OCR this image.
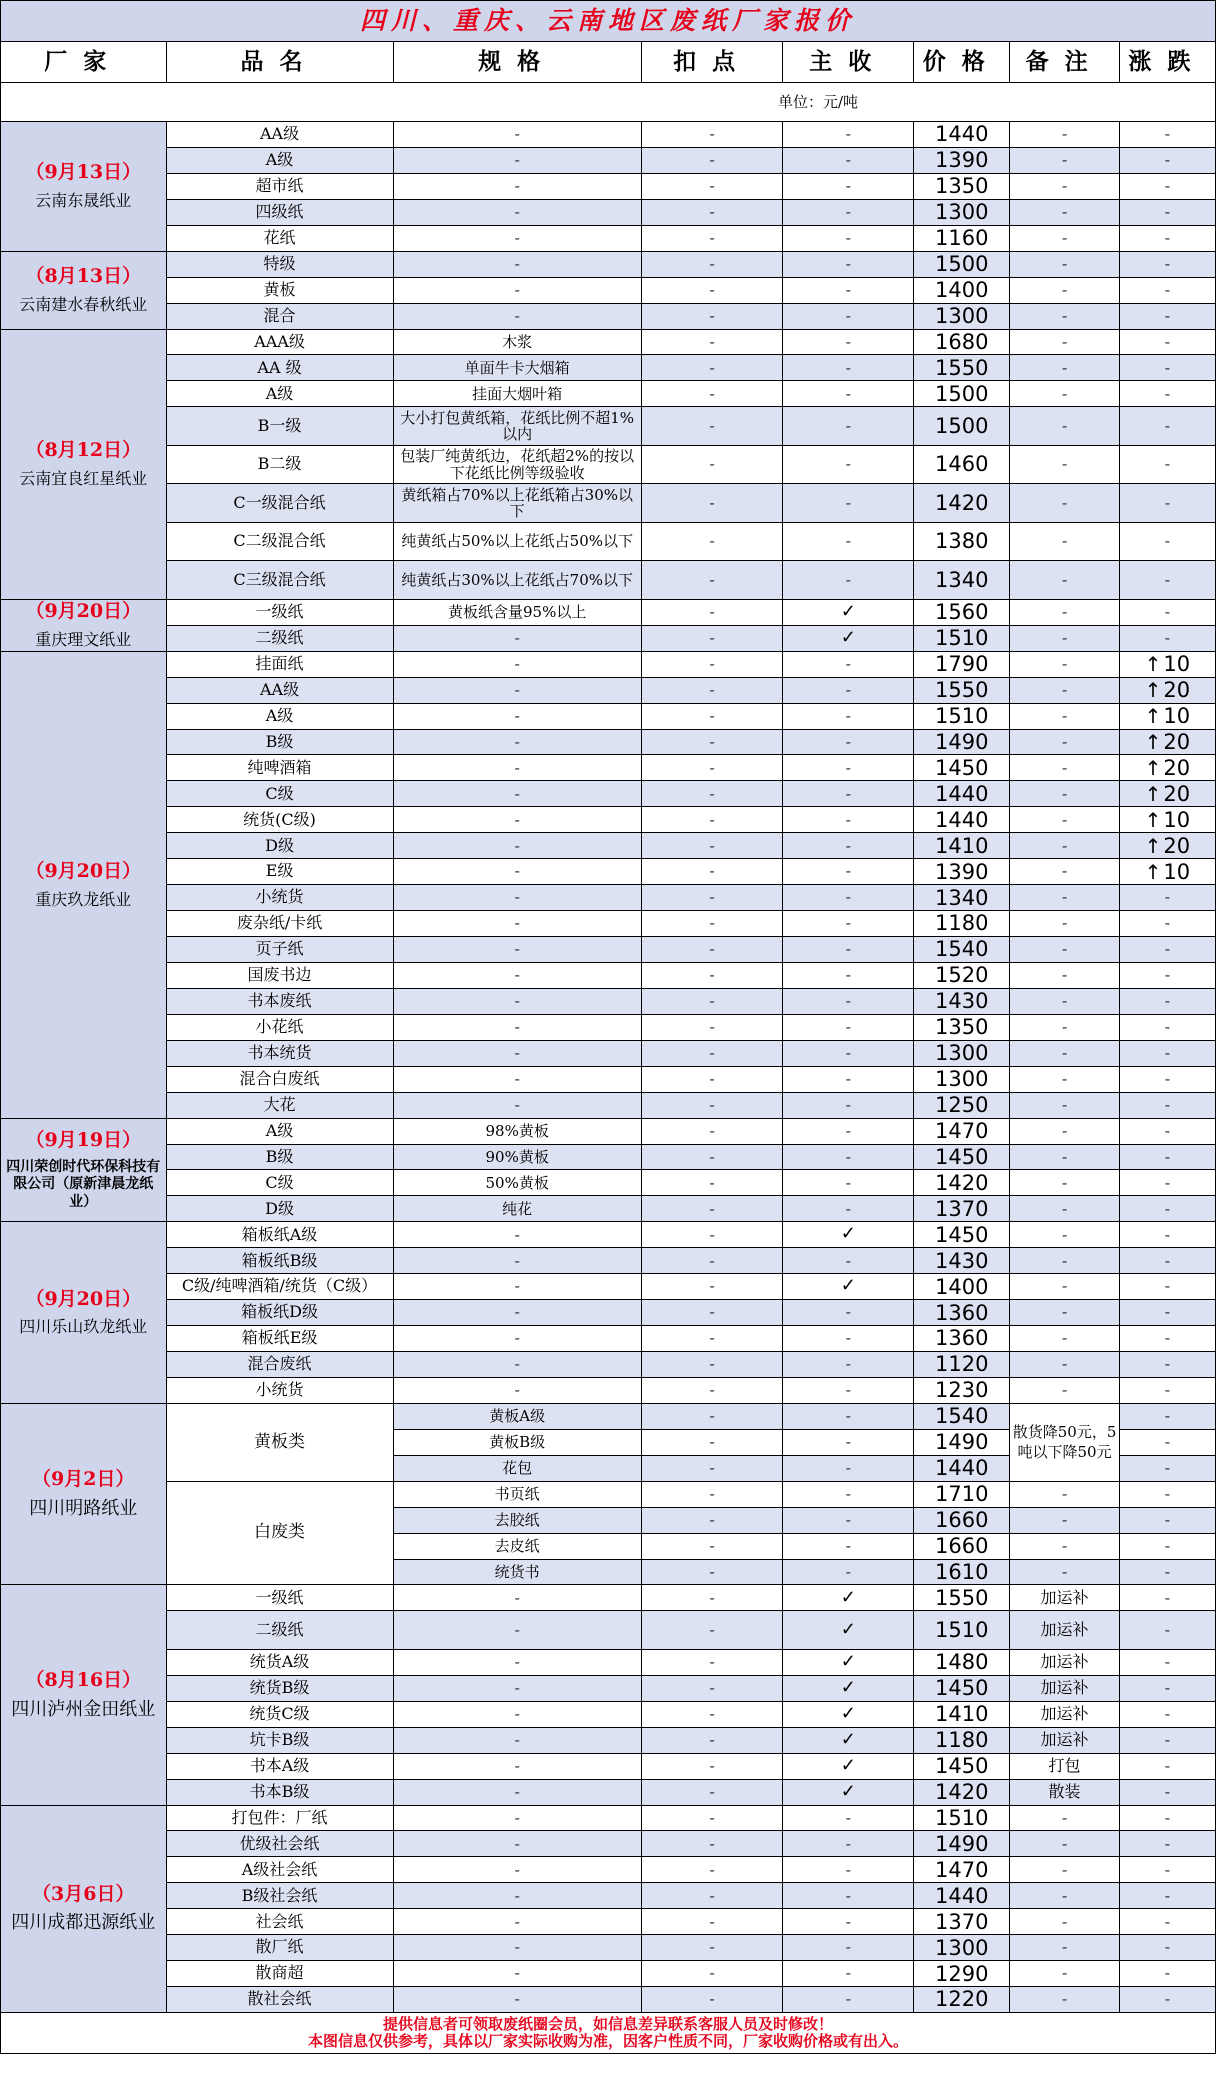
四川、重庆、云南地区废纸厂家报价							
厂家	品名	规格	扣点	主收	价格	备注	涨跌
单位：元/吨							

（9月13日）
云南东晟纸业	AA级	-	-	-	1440	-	-
	A级	-	-	-	1390	-	-
	超市纸	-	-	-	1350	-	-
	四级纸	-	-	-	1300	-	-
	花纸	-	-	-	1160	-	-

（8月13日）
云南建水春秋纸业	特级	-	-	-	1500	-	-
	黄板	-	-	-	1400	-	-
	混合	-	-	-	1300	-	-

（8月12日）
云南宜良红星纸业	AAA级	木浆	-	-	1680	-	-
	AA 级	单面牛卡大烟箱	-	-	1550	-	-
	A级	挂面大烟叶箱	-	-	1500	-	-
	B一级	大小打包黄纸箱，花纸比例不超1%以内	-	-	1500	-	-
	B二级	包装厂纯黄纸边，花纸超2%的按以下花纸比例等级验收	-	-	1460	-	-
	C一级混合纸	黄纸箱占70%以上花纸箱占30%以下	-	-	1420	-	-
	C二级混合纸	纯黄纸占50%以上花纸占50%以下	-	-	1380	-	-
	C三级混合纸	纯黄纸占30%以上花纸占70%以下	-	-	1340	-	-

（9月20日）
重庆理文纸业	一级纸	黄板纸含量95%以上	-	✓	1560	-	-
	二级纸	-	-	✓	1510	-	-

（9月20日）
重庆玖龙纸业	挂面纸	-	-	-	1790	-	↑10
	AA级	-	-	-	1550	-	↑20
	A级	-	-	-	1510	-	↑10
	B级	-	-	-	1490	-	↑20
	纯啤酒箱	-	-	-	1450	-	↑20
	C级	-	-	-	1440	-	↑20
	统货(C级)	-	-	-	1440	-	↑10
	D级	-	-	-	1410	-	↑20
	E级	-	-	-	1390	-	↑10
	小统货	-	-	-	1340	-	-
	废杂纸/卡纸	-	-	-	1180	-	-
	页子纸	-	-	-	1540	-	-
	国废书边	-	-	-	1520	-	-
	书本废纸	-	-	-	1430	-	-
	小花纸	-	-	-	1350	-	-
	书本统货	-	-	-	1300	-	-
	混合白废纸	-	-	-	1300	-	-
	大花	-	-	-	1250	-	-

（9月19日）
四川荣创时代环保科技有限公司（原新津晨龙纸业）	A级	98%黄板	-	-	1470	-	-
	B级	90%黄板	-	-	1450	-	-
	C级	50%黄板	-	-	1420	-	-
	D级	纯花	-	-	1370	-	-

（9月20日）
四川乐山玖龙纸业	箱板纸A级	-	-	✓	1450	-	-
	箱板纸B级	-	-	-	1430	-	-
	C级/纯啤酒箱/统货（C级）	-	-	✓	1400	-	-
	箱板纸D级	-	-	-	1360	-	-
	箱板纸E级	-	-	-	1360	-	-
	混合废纸	-	-	-	1120	-	-
	小统货	-	-	-	1230	-	-

（9月2日）
四川明路纸业	黄板类	黄板A级	-	-	1540	散货降50元，5吨以下降50元	-
		黄板B级	-	-	1490		-
		花包	-	-	1440		-
	白废类	书页纸	-	-	1710	-	-
		去胶纸	-	-	1660	-	-
		去皮纸	-	-	1660	-	-
		统货书	-	-	1610	-	-

（8月16日）
四川泸州金田纸业	一级纸	-	-	✓	1550	加运补	-
	二级纸	-	-	✓	1510	加运补	-
	统货A级	-	-	✓	1480	加运补	-
	统货B级	-	-	✓	1450	加运补	-
	统货C级	-	-	✓	1410	加运补	-
	坑卡B级	-	-	✓	1180	加运补	-
	书本A级	-	-	✓	1450	打包	-
	书本B级	-	-	✓	1420	散装	-

（3月6日）
四川成都迅源纸业	打包件：厂纸	-	-	-	1510	-	-
	优级社会纸	-	-	-	1490	-	-
	A级社会纸	-	-	-	1470	-	-
	B级社会纸	-	-	-	1440	-	-
	社会纸	-	-	-	1370	-	-
	散厂纸	-	-	-	1300	-	-
	散商超	-	-	-	1290	-	-
	散社会纸	-	-	-	1220	-	-

提供信息者可领取废纸圈会员，如信息差异联系客服人员及时修改！
本图信息仅供参考，具体以厂家实际收购为准，因客户性质不同，厂家收购价格或有出入。							
